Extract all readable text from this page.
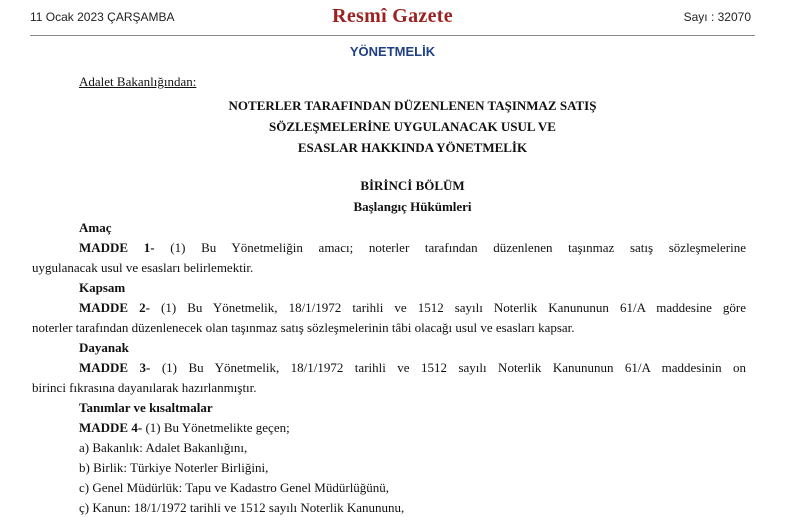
11 Ocak 2023 ÇARŞAMBA	Resmî Gazete	Sayı : 32070
YÖNETMELİK
Adalet Bakanlığından:
NOTERLER TARAFINDAN DÜZENLENEN TAŞINMAZ SATIŞ
SÖZLEŞMELERİNE UYGULANACAK USUL VE
ESASLAR HAKKINDA YÖNETMELİK
BİRİNCİ BÖLÜM
Başlangıç Hükümleri
Amaç
MADDE 1- (1) Bu Yönetmeliğin amacı; noterler tarafından düzenlenen taşınmaz satış sözleşmelerine
uygulanacak usul ve esasları belirlemektir.
Kapsam
MADDE 2- (1) Bu Yönetmelik, 18/1/1972 tarihli ve 1512 sayılı Noterlik Kanununun 61/A maddesine göre
noterler tarafından düzenlenecek olan taşınmaz satış sözleşmelerinin tâbi olacağı usul ve esasları kapsar.
Dayanak
MADDE 3- (1) Bu Yönetmelik, 18/1/1972 tarihli ve 1512 sayılı Noterlik Kanununun 61/A maddesinin on
birinci fıkrasına dayanılarak hazırlanmıştır.
Tanımlar ve kısaltmalar
MADDE 4- (1) Bu Yönetmelikte geçen;
a) Bakanlık: Adalet Bakanlığını,
b) Birlik: Türkiye Noterler Birliğini,
c) Genel Müdürlük: Tapu ve Kadastro Genel Müdürlüğünü,
ç) Kanun: 18/1/1972 tarihli ve 1512 sayılı Noterlik Kanununu,
